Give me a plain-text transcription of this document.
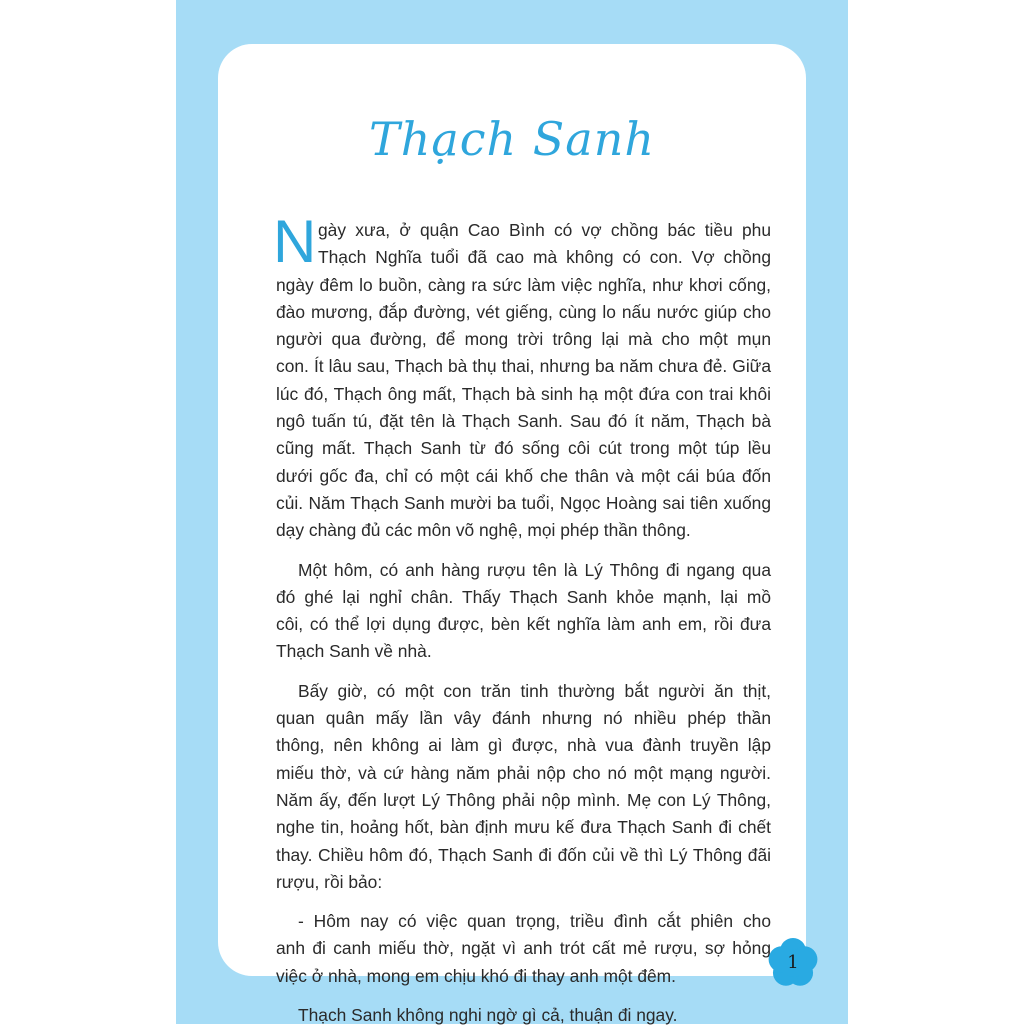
Thạch Sanh
N gày xưa, ở quận Cao Bình có vợ chồng bác tiều phu
Thạch Nghĩa tuổi đã cao mà không có con. Vợ chồng
ngày đêm lo buồn, càng ra sức làm việc nghĩa, như khơi cống,
đào mương, đắp đường, vét giếng, cùng lo nấu nước giúp cho
người qua đường, để mong trời trông lại mà cho một mụn
con. Ít lâu sau, Thạch bà thụ thai, nhưng ba năm chưa đẻ. Giữa
lúc đó, Thạch ông mất, Thạch bà sinh hạ một đứa con trai khôi
ngô tuấn tú, đặt tên là Thạch Sanh. Sau đó ít năm, Thạch bà
cũng mất. Thạch Sanh từ đó sống côi cút trong một túp lều
dưới gốc đa, chỉ có một cái khố che thân và một cái búa đốn
củi. Năm Thạch Sanh mười ba tuổi, Ngọc Hoàng sai tiên xuống
dạy chàng đủ các môn võ nghệ, mọi phép thần thông.
Một hôm, có anh hàng rượu tên là Lý Thông đi ngang qua
đó ghé lại nghỉ chân. Thấy Thạch Sanh khỏe mạnh, lại mồ
côi, có thể lợi dụng được, bèn kết nghĩa làm anh em, rồi đưa
Thạch Sanh về nhà.
Bấy giờ, có một con trăn tinh thường bắt người ăn thịt,
quan quân mấy lần vây đánh nhưng nó nhiều phép thần
thông, nên không ai làm gì được, nhà vua đành truyền lập
miếu thờ, và cứ hàng năm phải nộp cho nó một mạng người.
Năm ấy, đến lượt Lý Thông phải nộp mình. Mẹ con Lý Thông,
nghe tin, hoảng hốt, bàn định mưu kế đưa Thạch Sanh đi chết
thay. Chiều hôm đó, Thạch Sanh đi đốn củi về thì Lý Thông đãi
rượu, rồi bảo:
- Hôm nay có việc quan trọng, triều đình cắt phiên cho
anh đi canh miếu thờ, ngặt vì anh trót cất mẻ rượu, sợ hỏng
việc ở nhà, mong em chịu khó đi thay anh một đêm.
Thạch Sanh không nghi ngờ gì cả, thuận đi ngay.
1
